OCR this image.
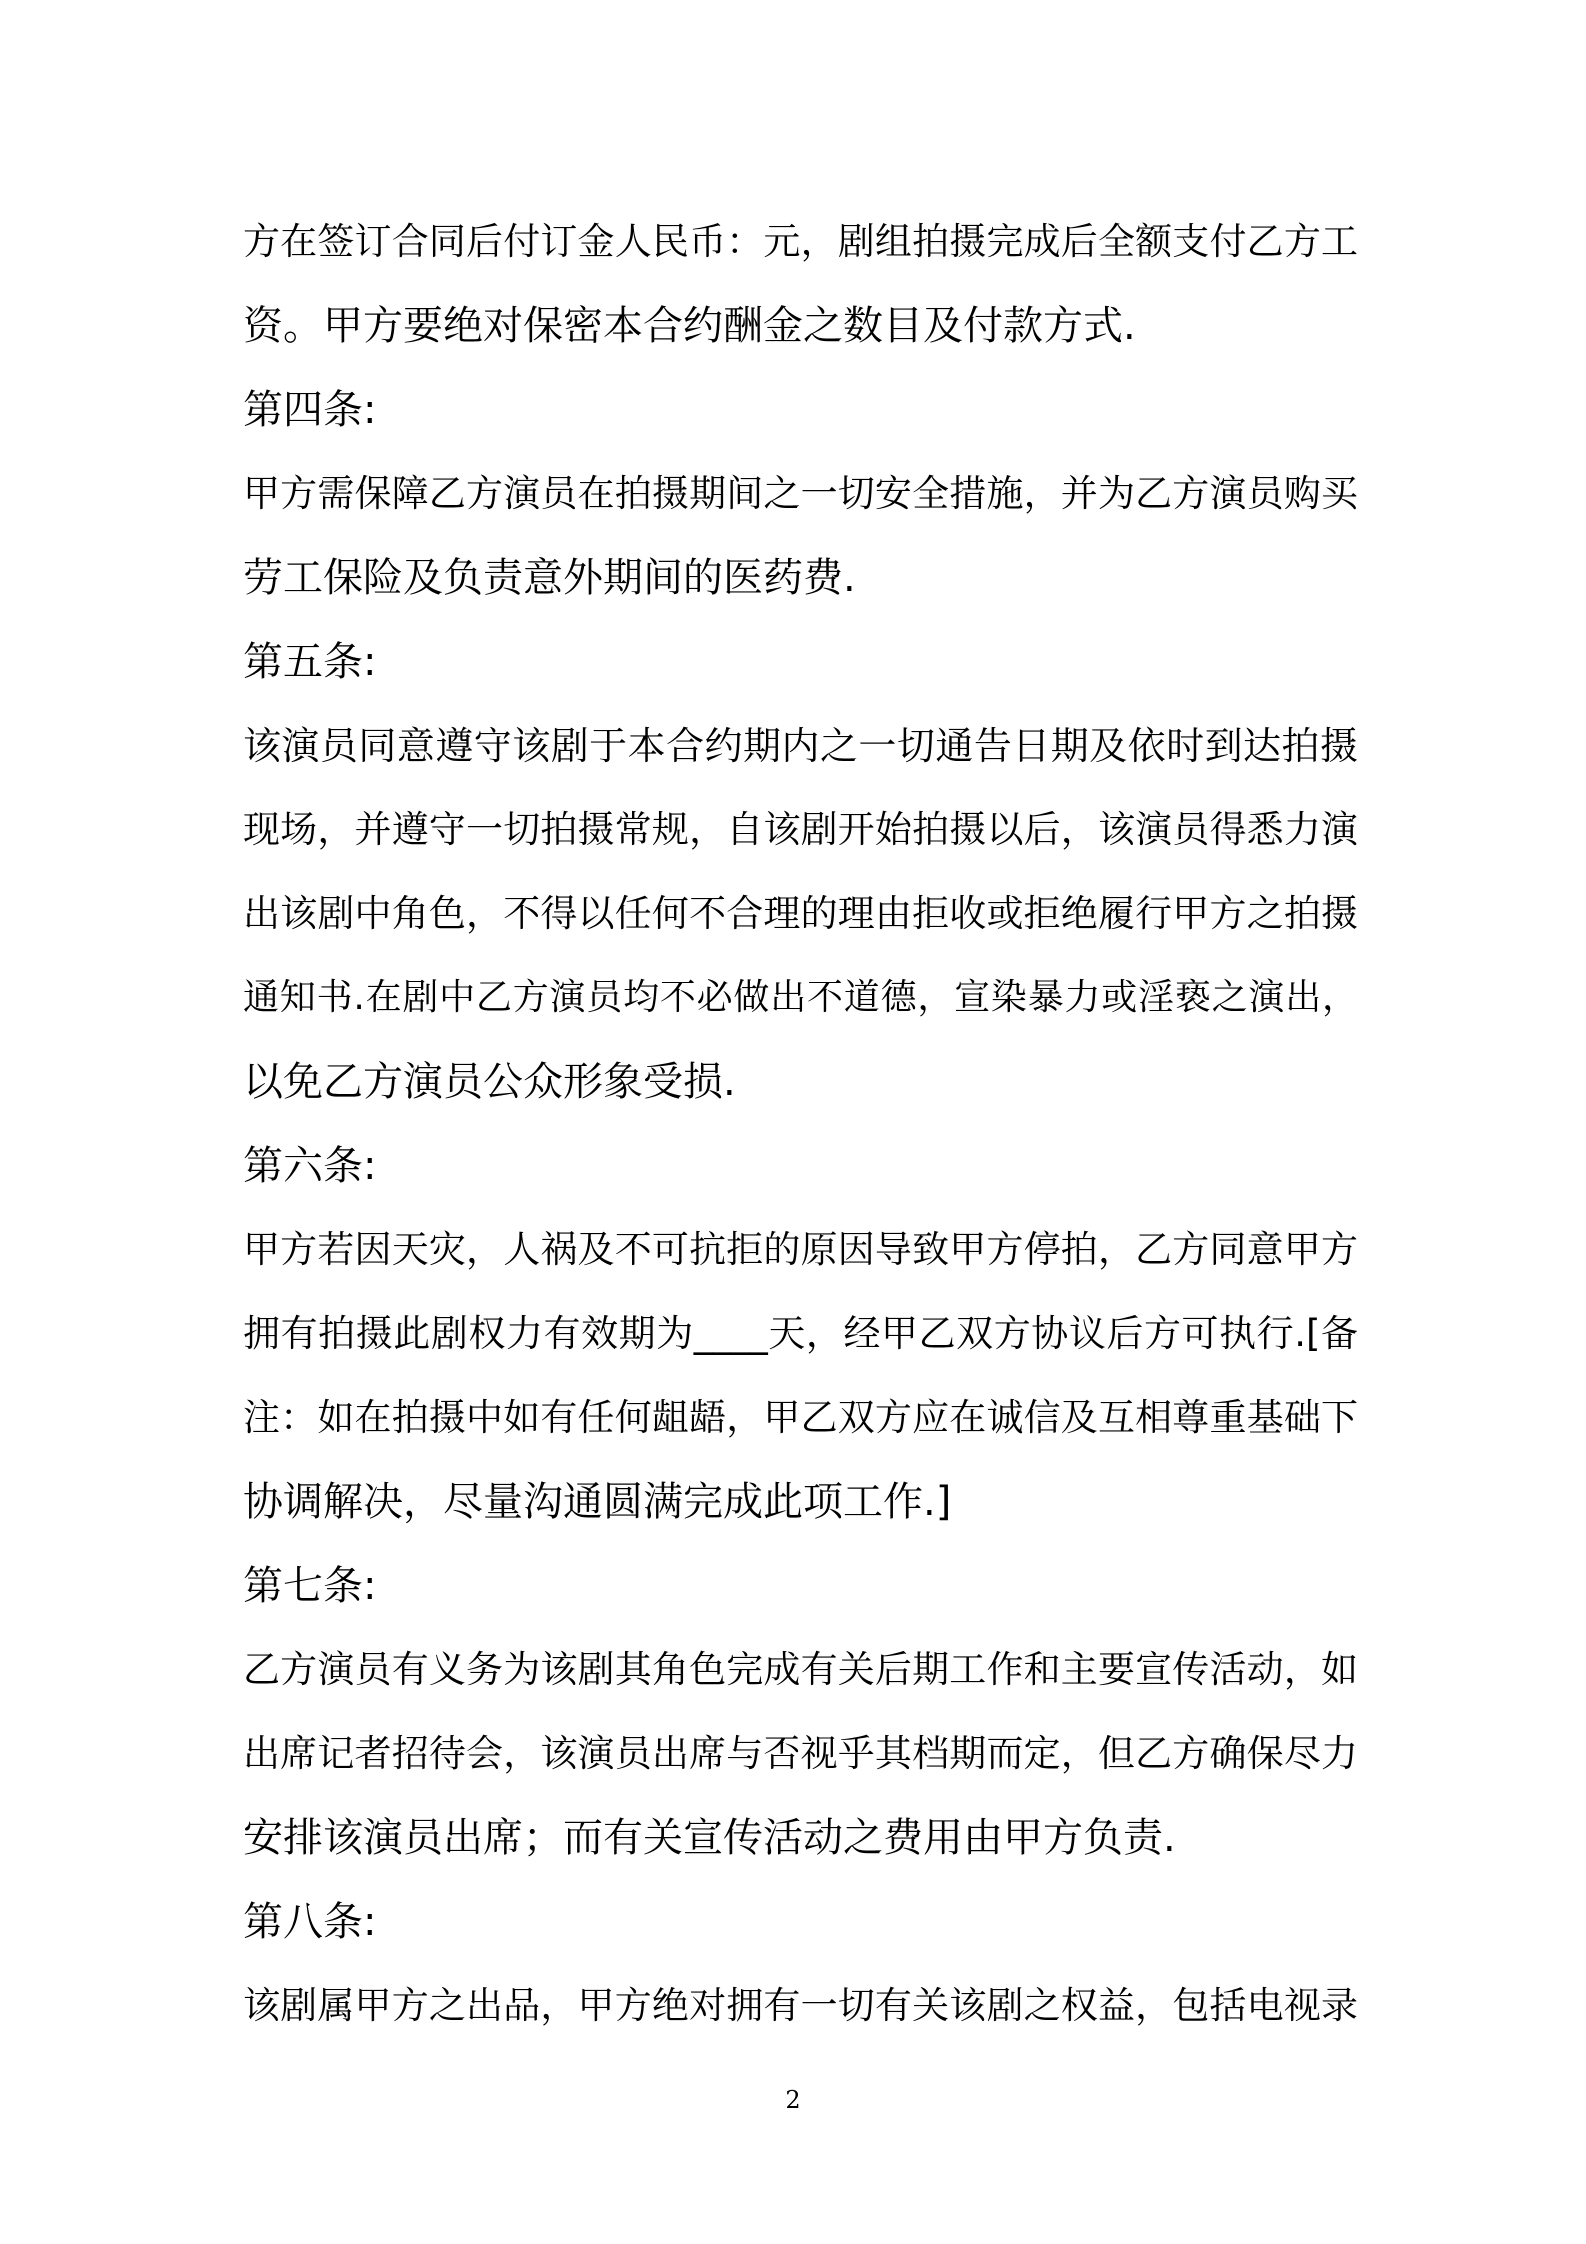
方在签订合同后付订金人民币：元，剧组拍摄完成后全额支付乙方工
资。甲方要绝对保密本合约酬金之数目及付款方式.
第四条:
甲方需保障乙方演员在拍摄期间之一切安全措施，并为乙方演员购买
劳工保险及负责意外期间的医药费.
第五条:
该演员同意遵守该剧于本合约期内之一切通告日期及依时到达拍摄
现场，并遵守一切拍摄常规，自该剧开始拍摄以后，该演员得悉力演
出该剧中角色，不得以任何不合理的理由拒收或拒绝履行甲方之拍摄
通知书.在剧中乙方演员均不必做出不道德，宣染暴力或淫亵之演出，
以免乙方演员公众形象受损.
第六条:
甲方若因天灾，人祸及不可抗拒的原因导致甲方停拍，乙方同意甲方
拥有拍摄此剧权力有效期为____天，经甲乙双方协议后方可执行.[备
注：如在拍摄中如有任何龃龉，甲乙双方应在诚信及互相尊重基础下
协调解决，尽量沟通圆满完成此项工作.]
第七条:
乙方演员有义务为该剧其角色完成有关后期工作和主要宣传活动，如
出席记者招待会，该演员出席与否视乎其档期而定，但乙方确保尽力
安排该演员出席；而有关宣传活动之费用由甲方负责.
第八条:
该剧属甲方之出品，甲方绝对拥有一切有关该剧之权益，包括电视录
2
